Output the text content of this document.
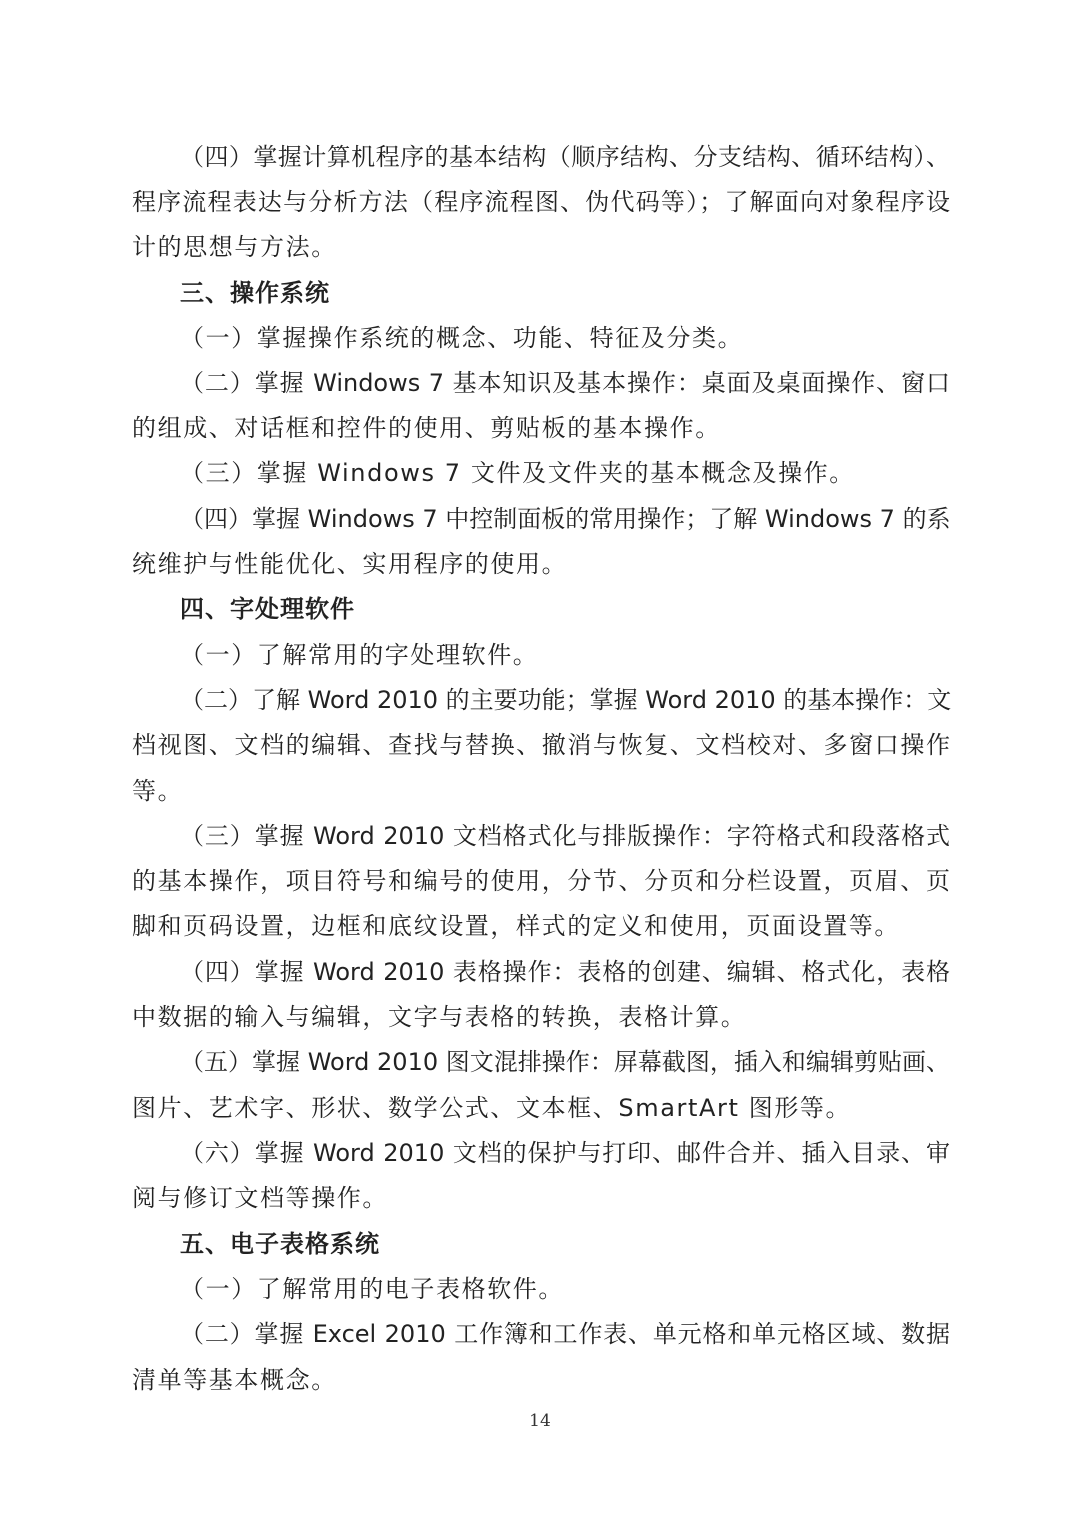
（四）掌握计算机程序的基本结构（顺序结构、分支结构、循环结构）、
程序流程表达与分析方法（程序流程图、伪代码等）；了解面向对象程序设
计的思想与方法。
三、操作系统
（一）掌握操作系统的概念、功能、特征及分类。
（二）掌握 Windows 7 基本知识及基本操作：桌面及桌面操作、窗口
的组成、对话框和控件的使用、剪贴板的基本操作。
（三）掌握 Windows 7 文件及文件夹的基本概念及操作。
（四）掌握 Windows 7 中控制面板的常用操作；了解 Windows 7 的系
统维护与性能优化、实用程序的使用。
四、字处理软件
（一）了解常用的字处理软件。
（二）了解 Word 2010 的主要功能；掌握 Word 2010 的基本操作：文
档视图、文档的编辑、查找与替换、撤消与恢复、文档校对、多窗口操作
等。
（三）掌握 Word 2010 文档格式化与排版操作：字符格式和段落格式
的基本操作，项目符号和编号的使用，分节、分页和分栏设置，页眉、页
脚和页码设置，边框和底纹设置，样式的定义和使用，页面设置等。
（四）掌握 Word 2010 表格操作：表格的创建、编辑、格式化，表格
中数据的输入与编辑，文字与表格的转换，表格计算。
（五）掌握 Word 2010 图文混排操作：屏幕截图，插入和编辑剪贴画、
图片、艺术字、形状、数学公式、文本框、SmartArt 图形等。
（六）掌握 Word 2010 文档的保护与打印、邮件合并、插入目录、审
阅与修订文档等操作。
五、电子表格系统
（一）了解常用的电子表格软件。
（二）掌握 Excel 2010 工作簿和工作表、单元格和单元格区域、数据
清单等基本概念。
14
